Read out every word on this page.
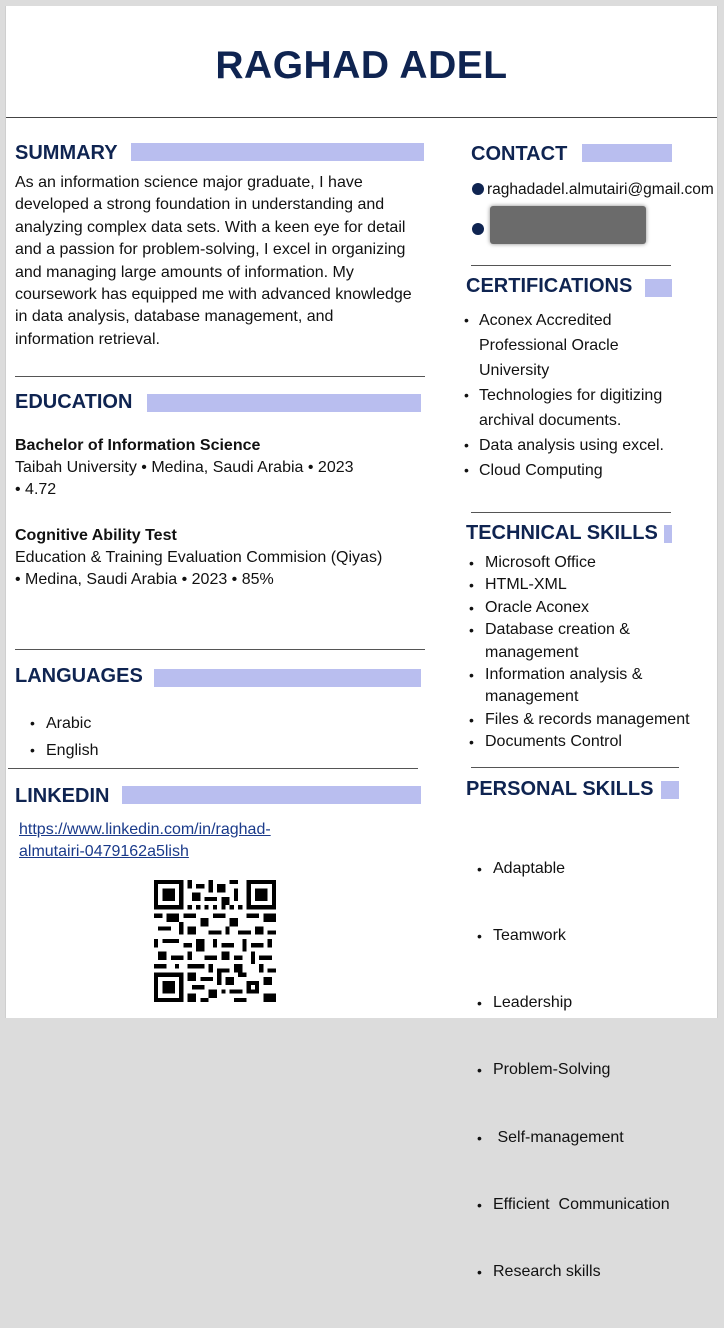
RAGHAD ADEL
SUMMARY
As an information science major graduate, I have developed a strong foundation in understanding and analyzing complex data sets. With a keen eye for detail and a passion for problem-solving, I excel in organizing and managing large amounts of information. My coursework has equipped me with advanced knowledge in data analysis, database management, and information retrieval.
EDUCATION
Bachelor of Information Science
Taibah University • Medina, Saudi Arabia • 2023
• 4.72
Cognitive Ability Test
Education & Training Evaluation Commision (Qiyas)
• Medina, Saudi Arabia • 2023 • 85%
LANGUAGES
• Arabic
• English
LINKEDIN
https://www.linkedin.com/in/raghad-
almutairi-0479162a5lish
CONTACT
raghadadel.almutairi@gmail.com
CERTIFICATIONS
• Aconex Accredited Professional Oracle University
• Technologies for digitizing archival documents.
• Data analysis using excel.
• Cloud Computing
TECHNICAL SKILLS
• Microsoft Office
• HTML-XML
• Oracle Aconex
• Database creation & management
• Information analysis & management
• Files & records management
• Documents Control
PERSONAL SKILLS

• Adaptable

• Teamwork

• Leadership

• Problem-Solving

•  Self-management

• Efficient  Communication

• Research skills
